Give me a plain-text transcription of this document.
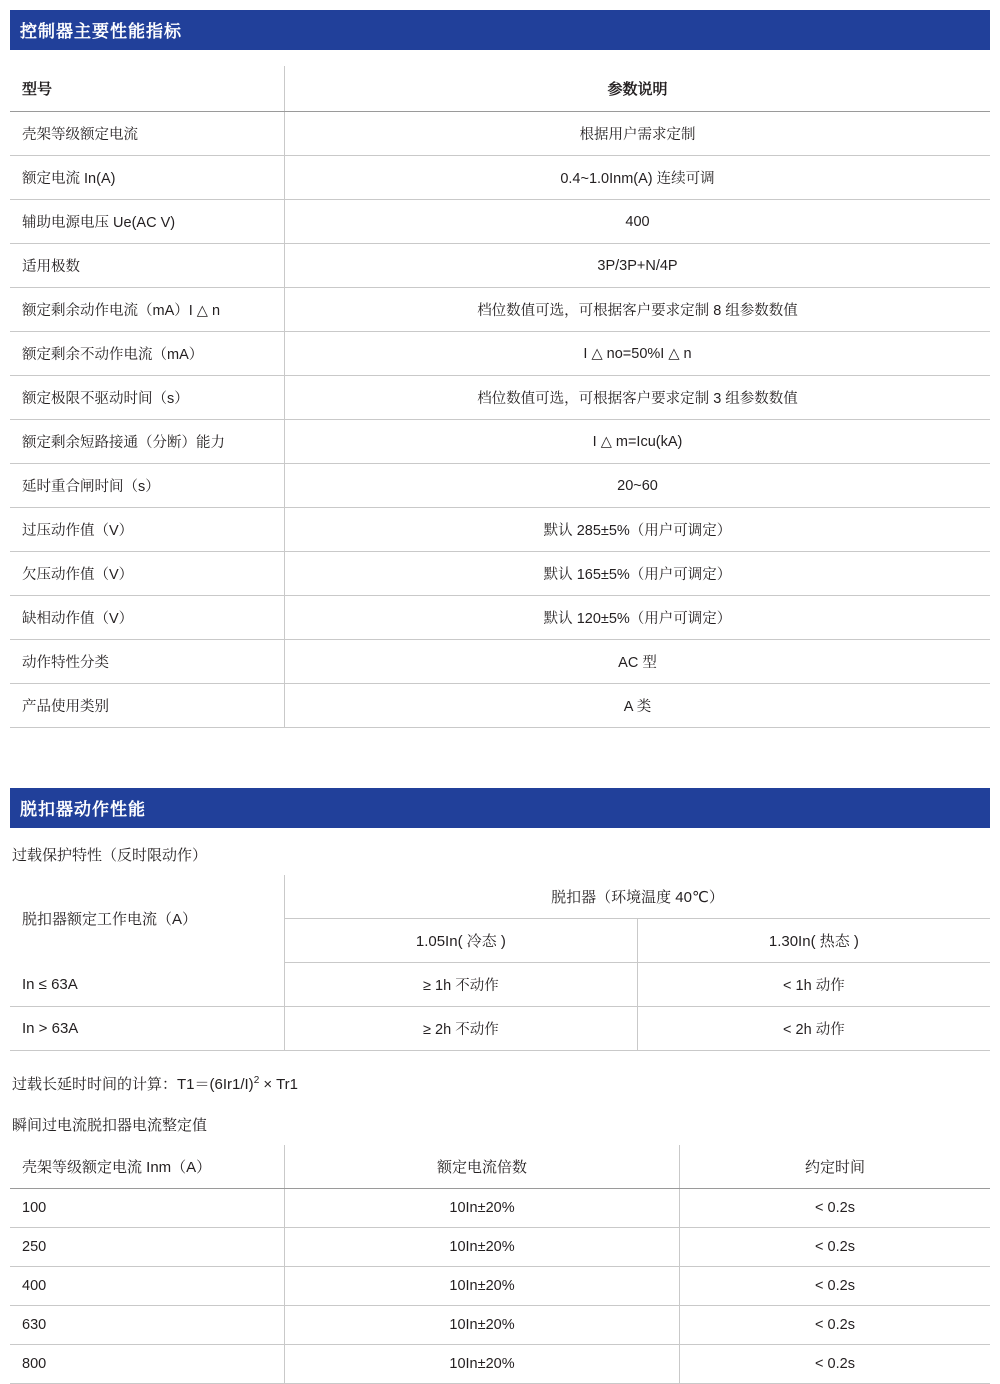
控制器主要性能指标
型号	参数说明
壳架等级额定电流	根据用户需求定制
额定电流 In(A)	0.4~1.0Inm(A) 连续可调
辅助电源电压 Ue(AC V)	400
适用极数	3P/3P+N/4P
额定剩余动作电流（mA）I △ n	档位数值可选，可根据客户要求定制 8 组参数数值
额定剩余不动作电流（mA）	I △ no=50%I △ n
额定极限不驱动时间（s）	档位数值可选，可根据客户要求定制 3 组参数数值
额定剩余短路接通（分断）能力	I △ m=Icu(kA)
延时重合闸时间（s）	20~60
过压动作值（V）	默认 285±5%（用户可调定）
欠压动作值（V）	默认 165±5%（用户可调定）
缺相动作值（V）	默认 120±5%（用户可调定）
动作特性分类	AC 型
产品使用类别	A 类
脱扣器动作性能
过载保护特性（反时限动作）
脱扣器额定工作电流（A）	脱扣器（环境温度 40℃）	
	1.05In( 冷态 )	1.30In( 热态 )
In ≤ 63A	≥ 1h 不动作	< 1h 动作
In > 63A	≥ 2h 不动作	< 2h 动作
过载长延时时间的计算：$T1=(6Ir1/I)^2 \times Tr1$
瞬间过电流脱扣器电流整定值
壳架等级额定电流 Inm（A）	额定电流倍数	约定时间
100	10In±20%	< 0.2s
250	10In±20%	< 0.2s
400	10In±20%	< 0.2s
630	10In±20%	< 0.2s
800	10In±20%	< 0.2s
